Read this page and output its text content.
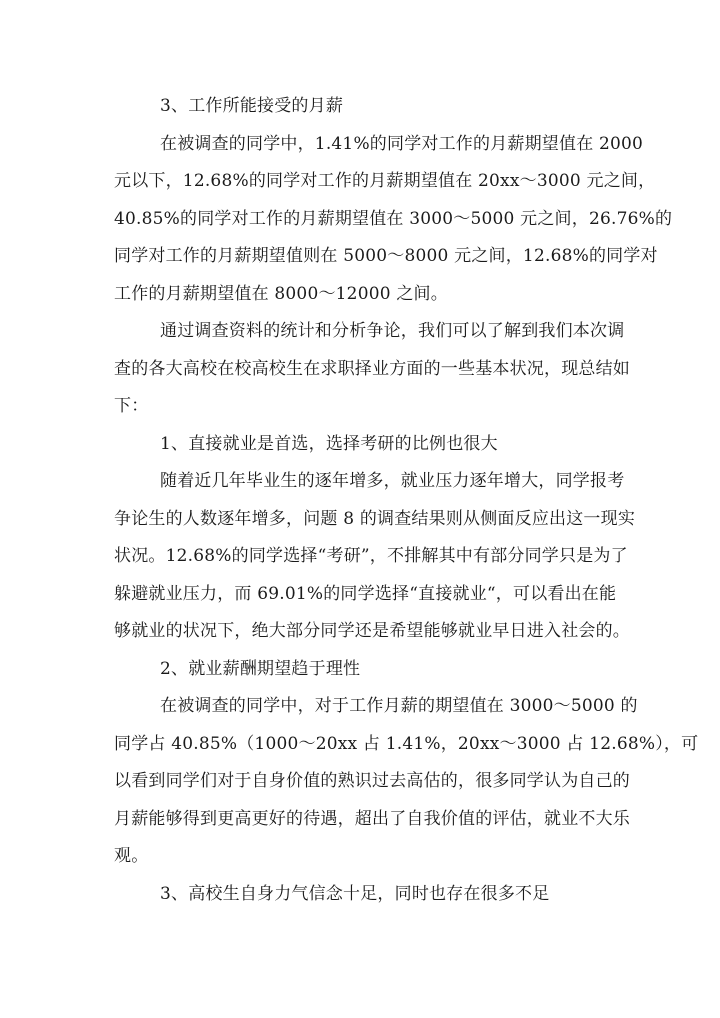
3、工作所能接受的月薪
在被调查的同学中，1.41%的同学对工作的月薪期望值在 2000
元以下，12.68%的同学对工作的月薪期望值在 20xx～3000 元之间，
40.85%的同学对工作的月薪期望值在 3000～5000 元之间，26.76%的
同学对工作的月薪期望值则在 5000～8000 元之间，12.68%的同学对
工作的月薪期望值在 8000～12000 之间。
通过调查资料的统计和分析争论，我们可以了解到我们本次调
查的各大高校在校高校生在求职择业方面的一些基本状况，现总结如
下：
1、直接就业是首选，选择考研的比例也很大
随着近几年毕业生的逐年增多，就业压力逐年增大，同学报考
争论生的人数逐年增多，问题 8 的调查结果则从侧面反应出这一现实
状况。12.68%的同学选择“考研”，不排解其中有部分同学只是为了
躲避就业压力，而 69.01%的同学选择“直接就业“，可以看出在能
够就业的状况下，绝大部分同学还是希望能够就业早日进入社会的。
2、就业薪酬期望趋于理性
在被调查的同学中，对于工作月薪的期望值在 3000～5000 的
同学占 40.85%（1000～20xx 占 1.41%，20xx～3000 占 12.68%），可
以看到同学们对于自身价值的熟识过去高估的，很多同学认为自己的
月薪能够得到更高更好的待遇，超出了自我价值的评估，就业不大乐
观。
3、高校生自身力气信念十足，同时也存在很多不足
